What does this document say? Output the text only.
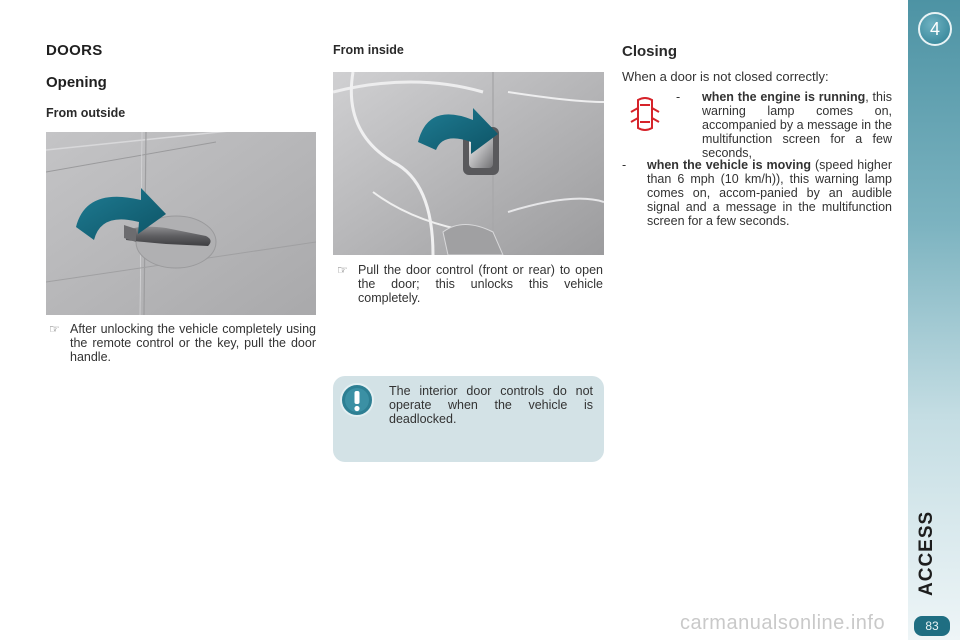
DOORS
Opening
From outside
From inside	Closing
☞ After unlocking the vehicle completely using the remote control or the key, pull the door handle.
☞ Pull the door control (front or rear) to open the door; this unlocks this vehicle completely.
The interior door controls do not operate when the vehicle is deadlocked.
When a door is not closed correctly:
- when the engine is running, this warning lamp comes on, accompanied by a message in the multifunction screen for a few seconds,
- when the vehicle is moving (speed higher than 6 mph (10 km/h)), this warning lamp comes on, accom-panied by an audible signal and a message in the multifunction screen for a few seconds.
4
ACCESS
83
carmanualsonline.info
